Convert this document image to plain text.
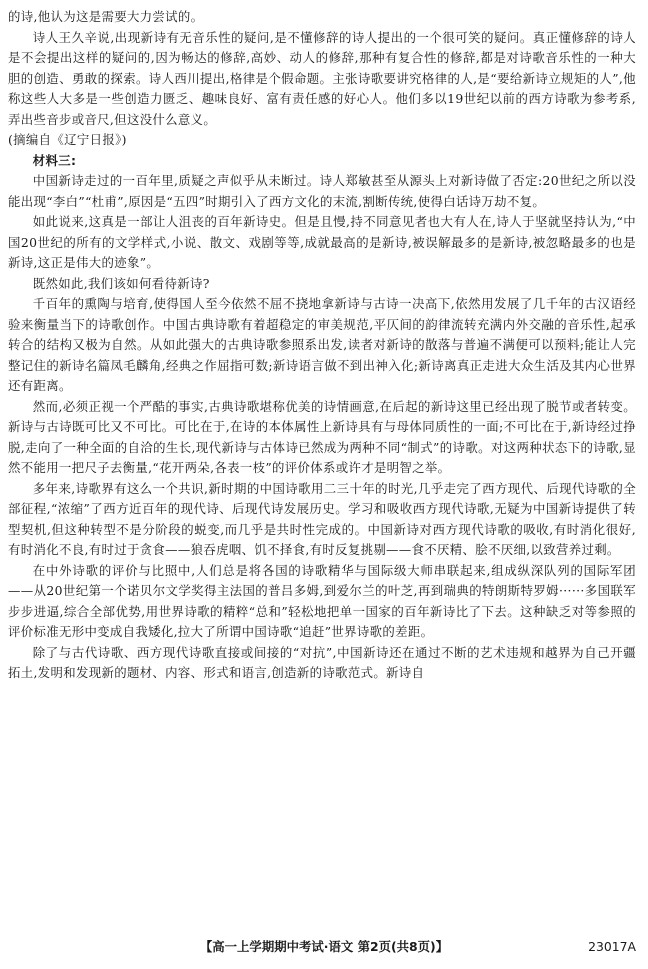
的诗,他认为这是需要大力尝试的。

诗人王久辛说,出现新诗有无音乐性的疑问,是不懂修辞的诗人提出的一个很可笑的疑问。真正懂修辞的诗人是不会提出这样的疑问的,因为畅达的修辞,高妙、动人的修辞,那种有复合性的修辞,都是对诗歌音乐性的一种大胆的创造、勇敢的探索。诗人西川提出,格律是个假命题。主张诗歌要讲究格律的人,是“要给新诗立规矩的人”,他称这些人大多是一些创造力匮乏、趣味良好、富有责任感的好心人。他们多以19世纪以前的西方诗歌为参考系,弄出些音步或音尺,但这没什么意义。

(摘编自《辽宁日报》)

材料三:

中国新诗走过的一百年里,质疑之声似乎从未断过。诗人郑敏甚至从源头上对新诗做了否定:20世纪之所以没能出现“李白”“杜甫”,原因是“五四”时期引入了西方文化的末流,割断传统,使得白话诗万劫不复。

如此说来,这真是一部让人沮丧的百年新诗史。但是且慢,持不同意见者也大有人在,诗人于坚就坚持认为,“中国20世纪的所有的文学样式,小说、散文、戏剧等等,成就最高的是新诗,被误解最多的是新诗,被忽略最多的也是新诗,这正是伟大的迹象”。

既然如此,我们该如何看待新诗?

千百年的熏陶与培育,使得国人至今依然不屈不挠地拿新诗与古诗一决高下,依然用发展了几千年的古汉语经验来衡量当下的诗歌创作。中国古典诗歌有着超稳定的审美规范,平仄间的韵律流转充满内外交融的音乐性,起承转合的结构又极为自然。从如此强大的古典诗歌参照系出发,读者对新诗的散落与普遍不满便可以预料;能让人完整记住的新诗名篇凤毛麟角,经典之作屈指可数;新诗语言做不到出神入化;新诗离真正走进大众生活及其内心世界还有距离。

然而,必须正视一个严酷的事实,古典诗歌堪称优美的诗情画意,在后起的新诗这里已经出现了脱节或者转变。新诗与古诗既可比又不可比。可比在于,在诗的本体属性上新诗具有与母体同质性的一面;不可比在于,新诗经过挣脱,走向了一种全面的自洽的生长,现代新诗与古体诗已然成为两种不同“制式”的诗歌。对这两种状态下的诗歌,显然不能用一把尺子去衡量,“花开两朵,各表一枝”的评价体系或许才是明智之举。

多年来,诗歌界有这么一个共识,新时期的中国诗歌用二三十年的时光,几乎走完了西方现代、后现代诗歌的全部征程,“浓缩”了西方近百年的现代诗、后现代诗发展历史。学习和吸收西方现代诗歌,无疑为中国新诗提供了转型契机,但这种转型不是分阶段的蜕变,而几乎是共时性完成的。中国新诗对西方现代诗歌的吸收,有时消化很好,有时消化不良,有时过于贪食——狼吞虎咽、饥不择食,有时反复挑剔——食不厌精、脍不厌细,以致营养过剩。

在中外诗歌的评价与比照中,人们总是将各国的诗歌精华与国际级大师串联起来,组成纵深队列的国际军团——从20世纪第一个诺贝尔文学奖得主法国的普吕多姆,到爱尔兰的叶芝,再到瑞典的特朗斯特罗姆······多国联军步步进逼,综合全部优势,用世界诗歌的精粹“总和”轻松地把单一国家的百年新诗比了下去。这种缺乏对等参照的评价标准无形中变成自我矮化,拉大了所谓中国诗歌“追赶”世界诗歌的差距。

除了与古代诗歌、西方现代诗歌直接或间接的“对抗”,中国新诗还在通过不断的艺术违规和越界为自己开疆拓土,发明和发现新的题材、内容、形式和语言,创造新的诗歌范式。新诗自

【高一上学期期中考试·语文 第2页(共8页)】	23017A
